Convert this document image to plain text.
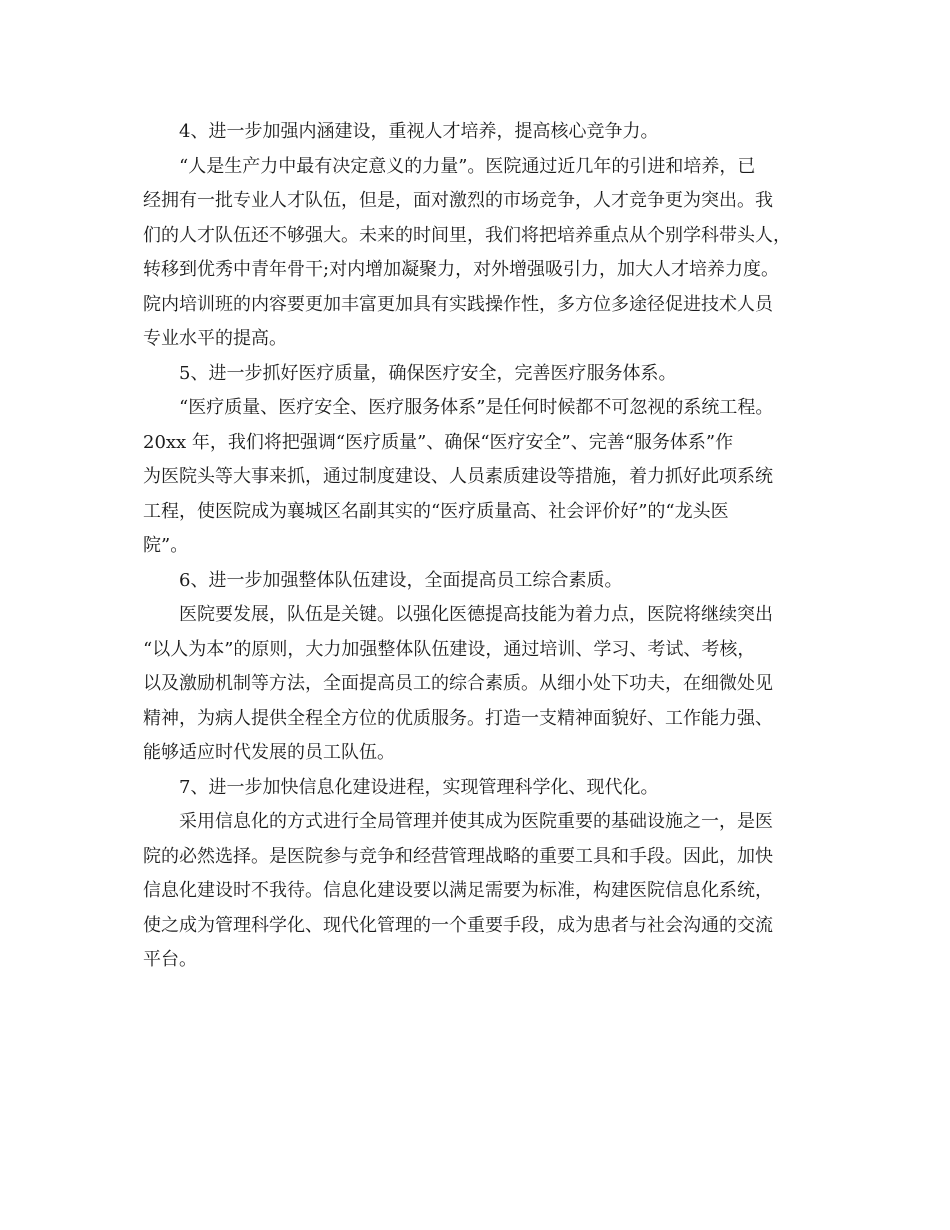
4、进一步加强内涵建设，重视人才培养，提高核心竞争力。

“人是生产力中最有决定意义的力量”。医院通过近几年的引进和培养，已
经拥有一批专业人才队伍，但是，面对激烈的市场竞争，人才竞争更为突出。我
们的人才队伍还不够强大。未来的时间里，我们将把培养重点从个别学科带头人，
转移到优秀中青年骨干;对内增加凝聚力，对外增强吸引力，加大人才培养力度。
院内培训班的内容要更加丰富更加具有实践操作性，多方位多途径促进技术人员
专业水平的提高。

5、进一步抓好医疗质量，确保医疗安全，完善医疗服务体系。

“医疗质量、医疗安全、医疗服务体系”是任何时候都不可忽视的系统工程。
20xx 年，我们将把强调“医疗质量”、确保“医疗安全”、完善“服务体系”作
为医院头等大事来抓，通过制度建设、人员素质建设等措施，着力抓好此项系统
工程，使医院成为襄城区名副其实的“医疗质量高、社会评价好”的“龙头医
院”。

6、进一步加强整体队伍建设，全面提高员工综合素质。

医院要发展，队伍是关键。以强化医德提高技能为着力点，医院将继续突出
“以人为本”的原则，大力加强整体队伍建设，通过培训、学习、考试、考核，
以及激励机制等方法，全面提高员工的综合素质。从细小处下功夫，在细微处见
精神，为病人提供全程全方位的优质服务。打造一支精神面貌好、工作能力强、
能够适应时代发展的员工队伍。

7、进一步加快信息化建设进程，实现管理科学化、现代化。

采用信息化的方式进行全局管理并使其成为医院重要的基础设施之一，是医
院的必然选择。是医院参与竞争和经营管理战略的重要工具和手段。因此，加快
信息化建设时不我待。信息化建设要以满足需要为标准，构建医院信息化系统，
使之成为管理科学化、现代化管理的一个重要手段，成为患者与社会沟通的交流
平台。
